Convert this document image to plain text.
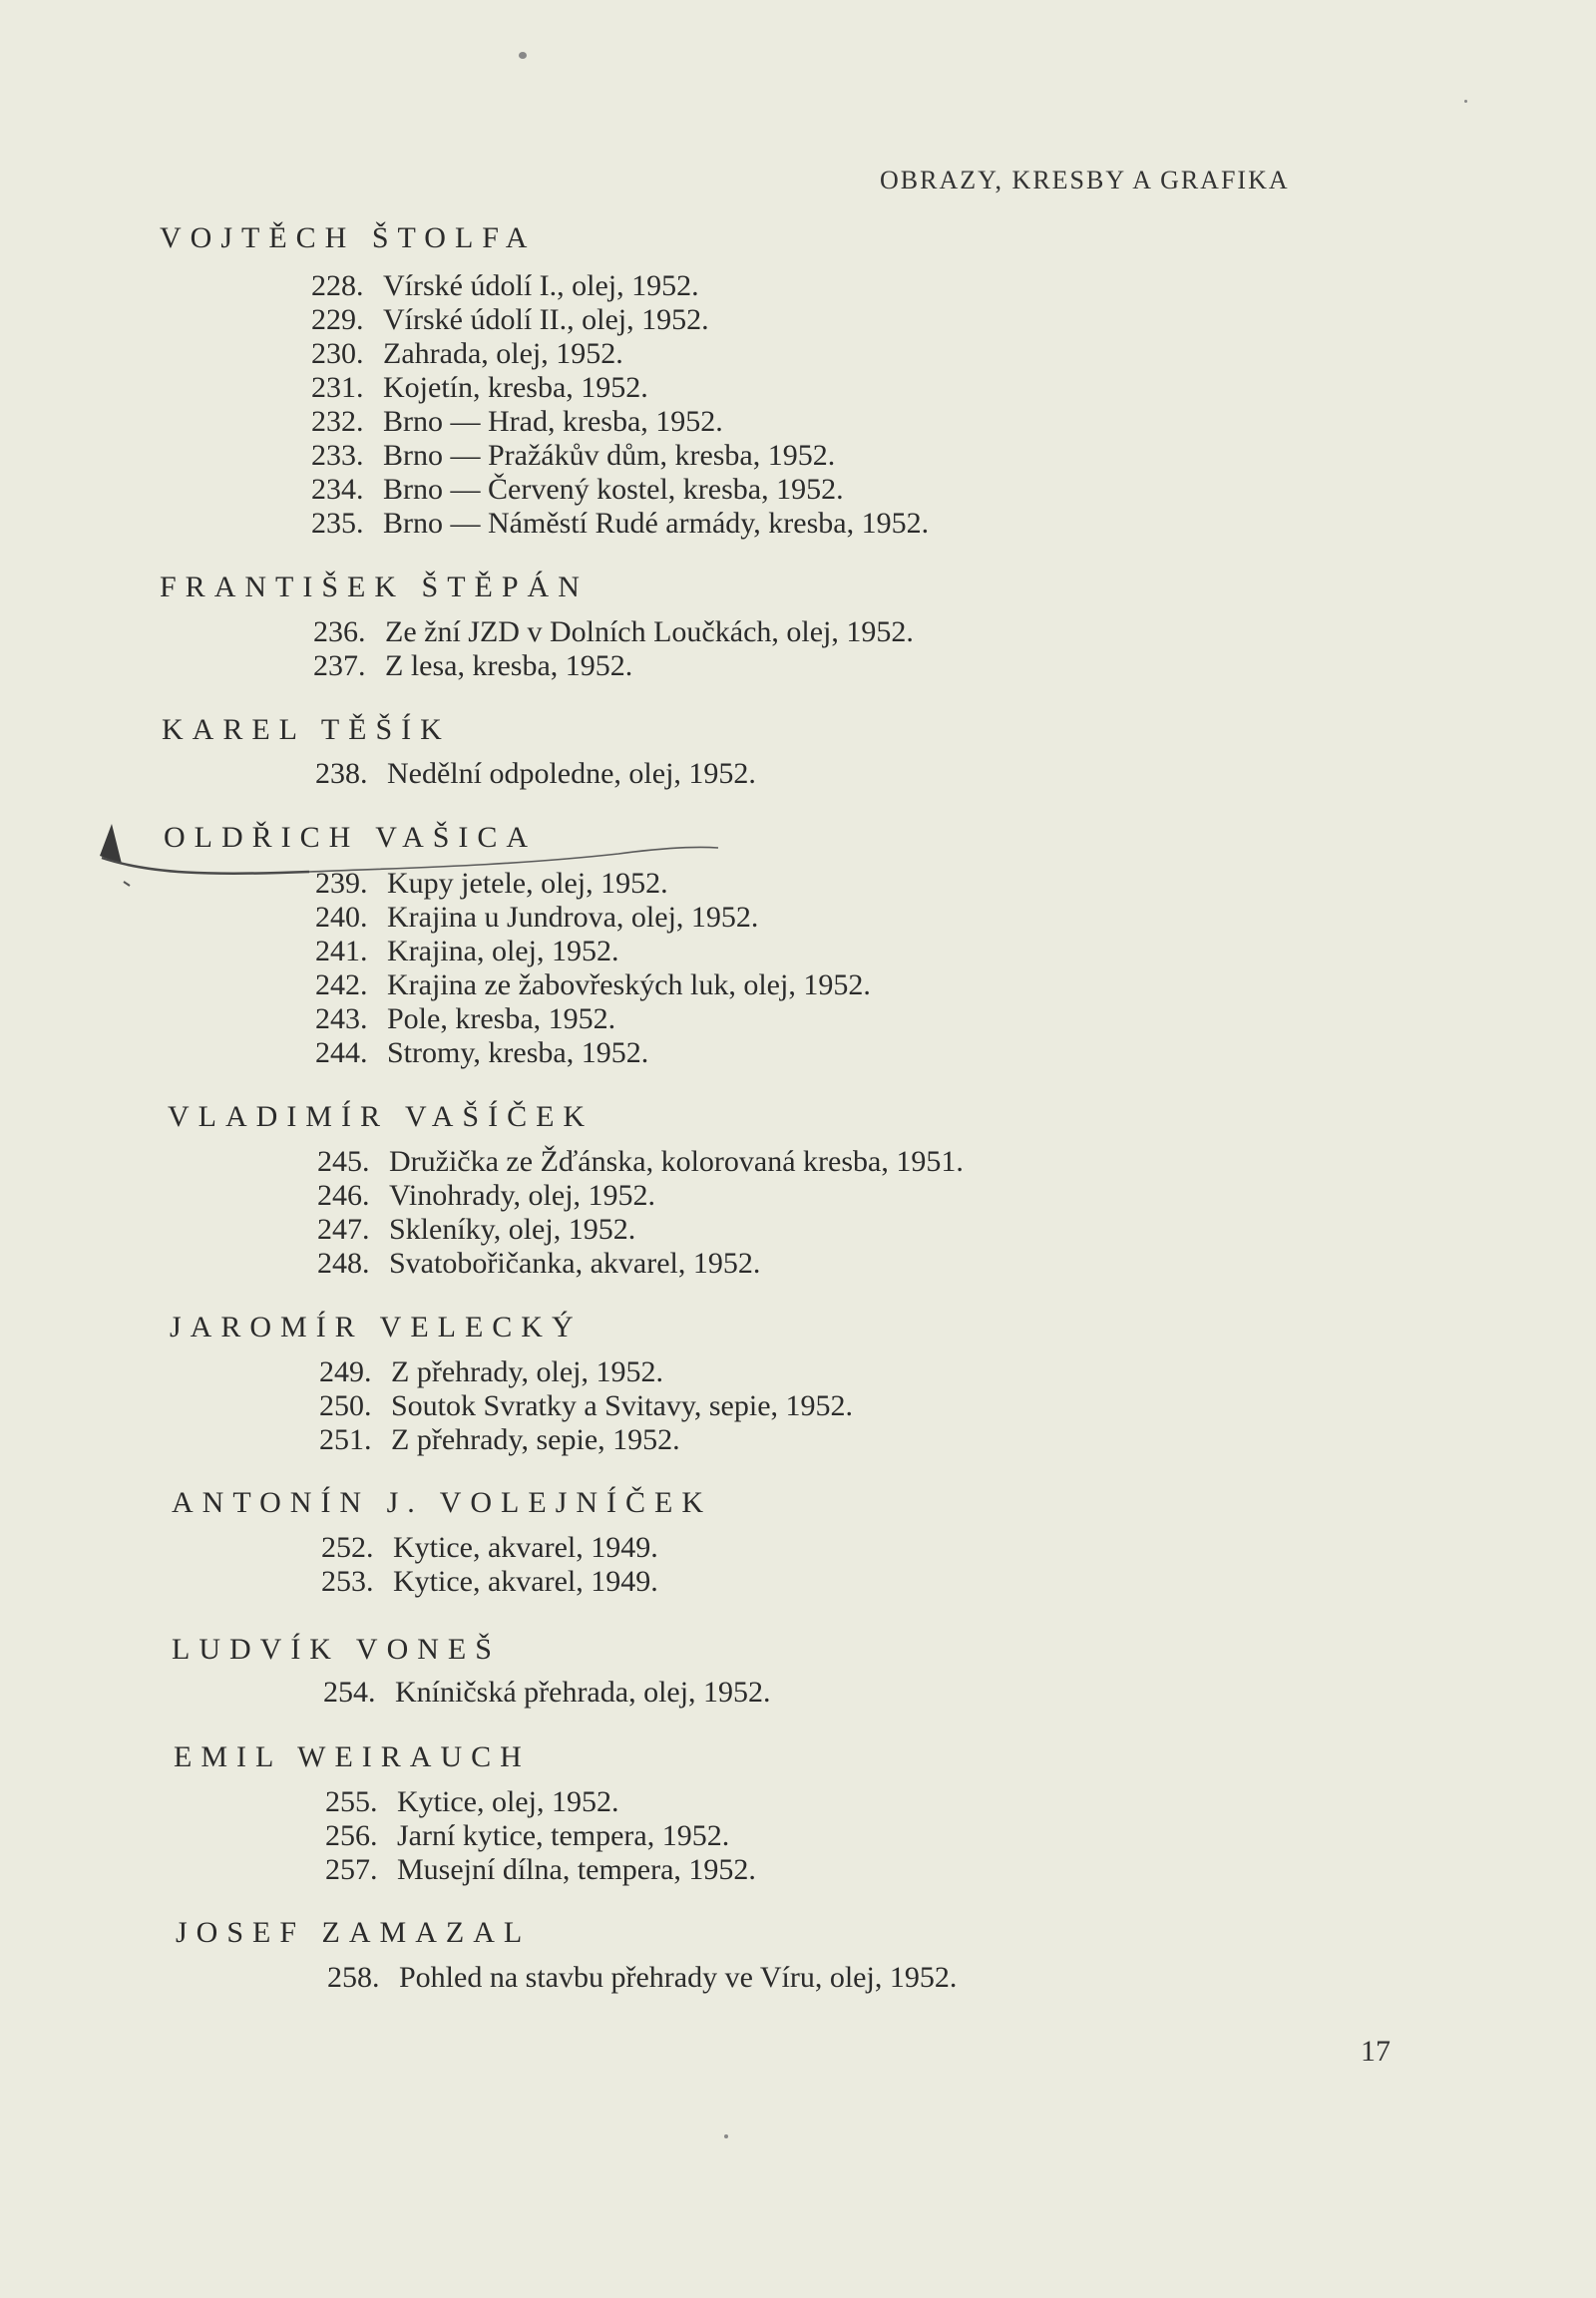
OBRAZY, KRESBY A GRAFIKA
VOJTĚCH ŠTOLFA
228. Vírské údolí I., olej, 1952.
229. Vírské údolí II., olej, 1952.
230. Zahrada, olej, 1952.
231. Kojetín, kresba, 1952.
232. Brno — Hrad, kresba, 1952.
233. Brno — Pražákův dům, kresba, 1952.
234. Brno — Červený kostel, kresba, 1952.
235. Brno — Náměstí Rudé armády, kresba, 1952.
FRANTIŠEK ŠTĚPÁN
236. Ze žní JZD v Dolních Loučkách, olej, 1952.
237. Z lesa, kresba, 1952.
KAREL TĚŠÍK
238. Nedělní odpoledne, olej, 1952.
OLDŘICH VAŠICA
239. Kupy jetele, olej, 1952.
240. Krajina u Jundrova, olej, 1952.
241. Krajina, olej, 1952.
242. Krajina ze žabovřeských luk, olej, 1952.
243. Pole, kresba, 1952.
244. Stromy, kresba, 1952.
VLADIMÍR VAŠÍČEK
245. Družička ze Žďánska, kolorovaná kresba, 1951.
246. Vinohrady, olej, 1952.
247. Skleníky, olej, 1952.
248. Svatobořičanka, akvarel, 1952.
JAROMÍR VELECKÝ
249. Z přehrady, olej, 1952.
250. Soutok Svratky a Svitavy, sepie, 1952.
251. Z přehrady, sepie, 1952.
ANTONÍN J. VOLEJNÍČEK
252. Kytice, akvarel, 1949.
253. Kytice, akvarel, 1949.
LUDVÍK VONEŠ
254. Kníničská přehrada, olej, 1952.
EMIL WEIRAUCH
255. Kytice, olej, 1952.
256. Jarní kytice, tempera, 1952.
257. Musejní dílna, tempera, 1952.
JOSEF ZAMAZAL
258. Pohled na stavbu přehrady ve Víru, olej, 1952.
17
